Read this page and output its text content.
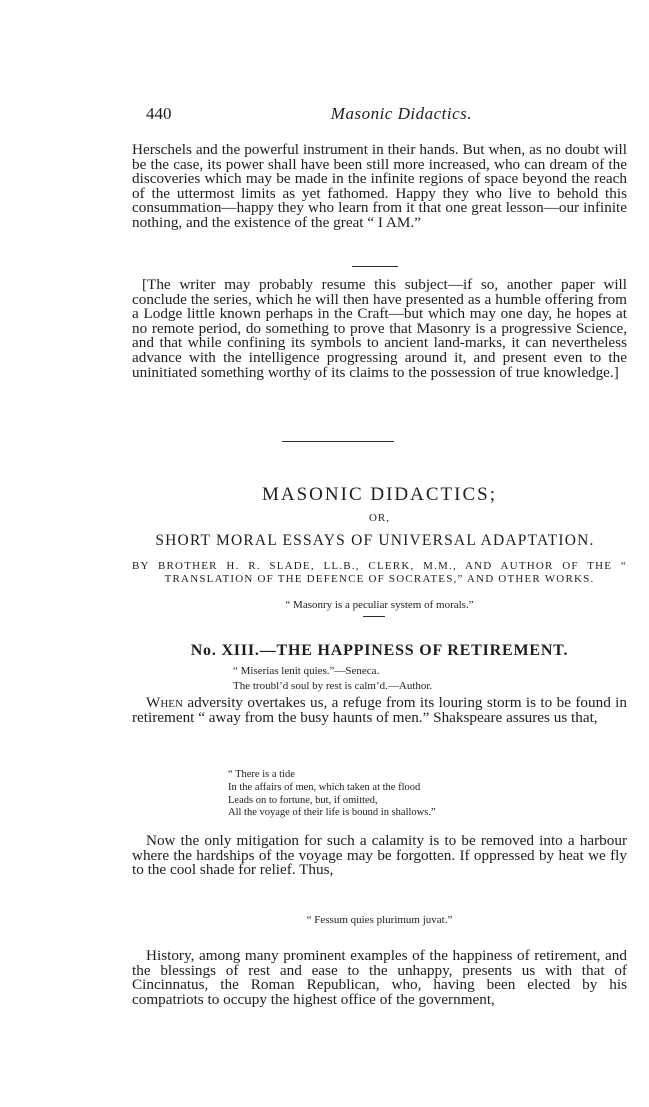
440	Masonic Didactics.

Herschels and the powerful instrument in their hands. But when, as no doubt will be the case, its power shall have been still more increased, who can dream of the discoveries which may be made in the infinite regions of space beyond the reach of the uttermost limits as yet fathomed. Happy they who live to behold this consummation—happy they who learn from it that one great lesson—our infinite nothing, and the existence of the great “ I AM.”

[The writer may probably resume this subject—if so, another paper will conclude the series, which he will then have presented as a humble offering from a Lodge little known perhaps in the Craft—but which may one day, he hopes at no remote period, do something to prove that Masonry is a progressive Science, and that while confining its symbols to ancient land-marks, it can nevertheless advance with the intelligence progressing around it, and present even to the uninitiated something worthy of its claims to the possession of true knowledge.]

MASONIC DIDACTICS;
OR,
SHORT MORAL ESSAYS OF UNIVERSAL ADAPTATION.
BY BROTHER H. R. SLADE, LL.B., CLERK, M.M., AND AUTHOR OF THE “ TRANSLATION OF THE DEFENCE OF SOCRATES,” AND OTHER WORKS.
“ Masonry is a peculiar system of morals.”
No. XIII.—THE HAPPINESS OF RETIREMENT.
“ Miserias lenit quies.”—Seneca.
The troubl’d soul by rest is calm’d.—Author.

When adversity overtakes us, a refuge from its louring storm is to be found in retirement “ away from the busy haunts of men.” Shakspeare assures us that,

“ There is a tide
In the affairs of men, which taken at the flood
Leads on to fortune, but, if omitted,
All the voyage of their life is bound in shallows.”

Now the only mitigation for such a calamity is to be removed into a harbour where the hardships of the voyage may be forgotten. If oppressed by heat we fly to the cool shade for relief. Thus,

“ Fessum quies plurimum juvat.”

History, among many prominent examples of the happiness of retirement, and the blessings of rest and ease to the unhappy, presents us with that of Cincinnatus, the Roman Republican, who, having been elected by his compatriots to occupy the highest office of the government,
